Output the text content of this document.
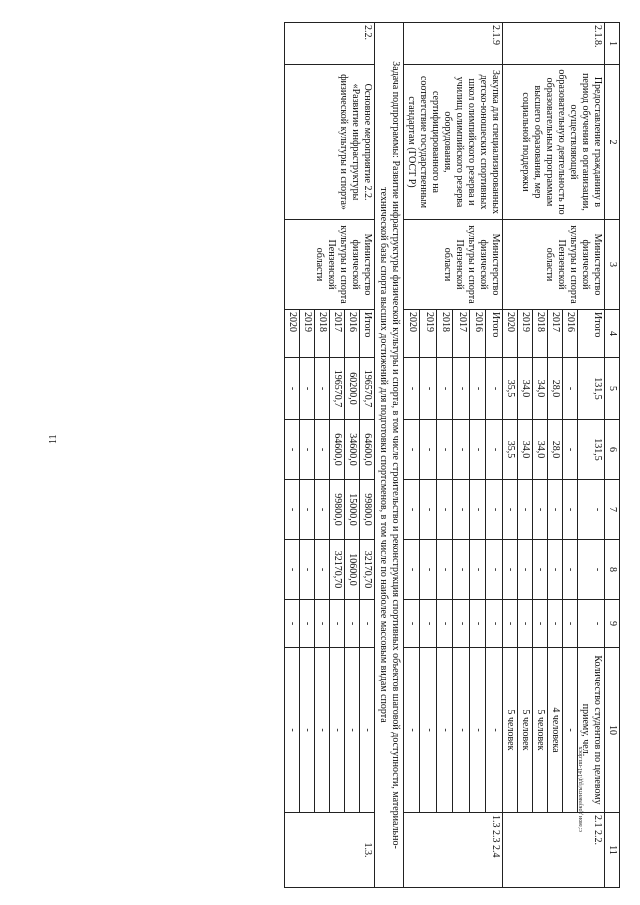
11
1	2	3	4	5	6	7	8	9	10	11
2.1.8.	Предоставление гражданину в период обучения в организации, осуществляющей образовательную деятельность по образовательным программам высшего образования, мер социальной поддержки	Министерство физической культуры и спорта Пензенской области	Итого	131,5	131,5	-	-	-	Количество студентов по целевому приему, чел.	2.1 2.2.
			2016	-	-	-	-	-	-	
			2017	28,0	28,0	-	-	-	4 человека	
			2018	34,0	34,0	-	-	-	5 человек	
			2019	34,0	34,0	-	-	-	5 человек	
			2020	35,5	35,5	-	-	-	5 человек	
2.1.9	Закупка для специализированных детско-юношеских спортивных школ олимпийского резерва и училищ олимпийского резерва оборудования, сертифицированного на соответствие государственным стандартам (ГОСТ Р)	Министерство физической культуры и спорта Пензенской области	Итого	-	-	-	-	-	-	1.3 2.3 2.4
			2016	-	-	-	-	-	-	
			2017	-	-	-	-	-	-	
			2018	-	-	-	-	-	-	
			2019	-	-	-	-	-	-	
			2020	-	-	-	-	-	-	
Задача подпрограммы: Развитие инфраструктуры физической культуры и спорта, в том числе строительство и реконструкция спортивных объектов шаговой доступности, материально-технической базы спорта высших достижений для подготовки спортсменов, в том числе по наиболее массовым видам спорта										
2.2.	Основное мероприятие 2.2. «Развитие инфраструктуры физической культуры и спорта»	Министерство физической культуры и спорта Пензенской области	Итого	196570,7	64600,0	99800,0	32170,70	-	-	1.3.
			2016	60200,0	34600,0	15000,0	10600,0	-	-	
			2017	196570,7	64600,0	99800,0	32170,70	-	-	
			2018	-	-	-	-	-	-	
			2019	-	-	-	-	-	-	
			2020	-	-	-	-	-	-	
c:\мои документы\рд\141-пп.docx
